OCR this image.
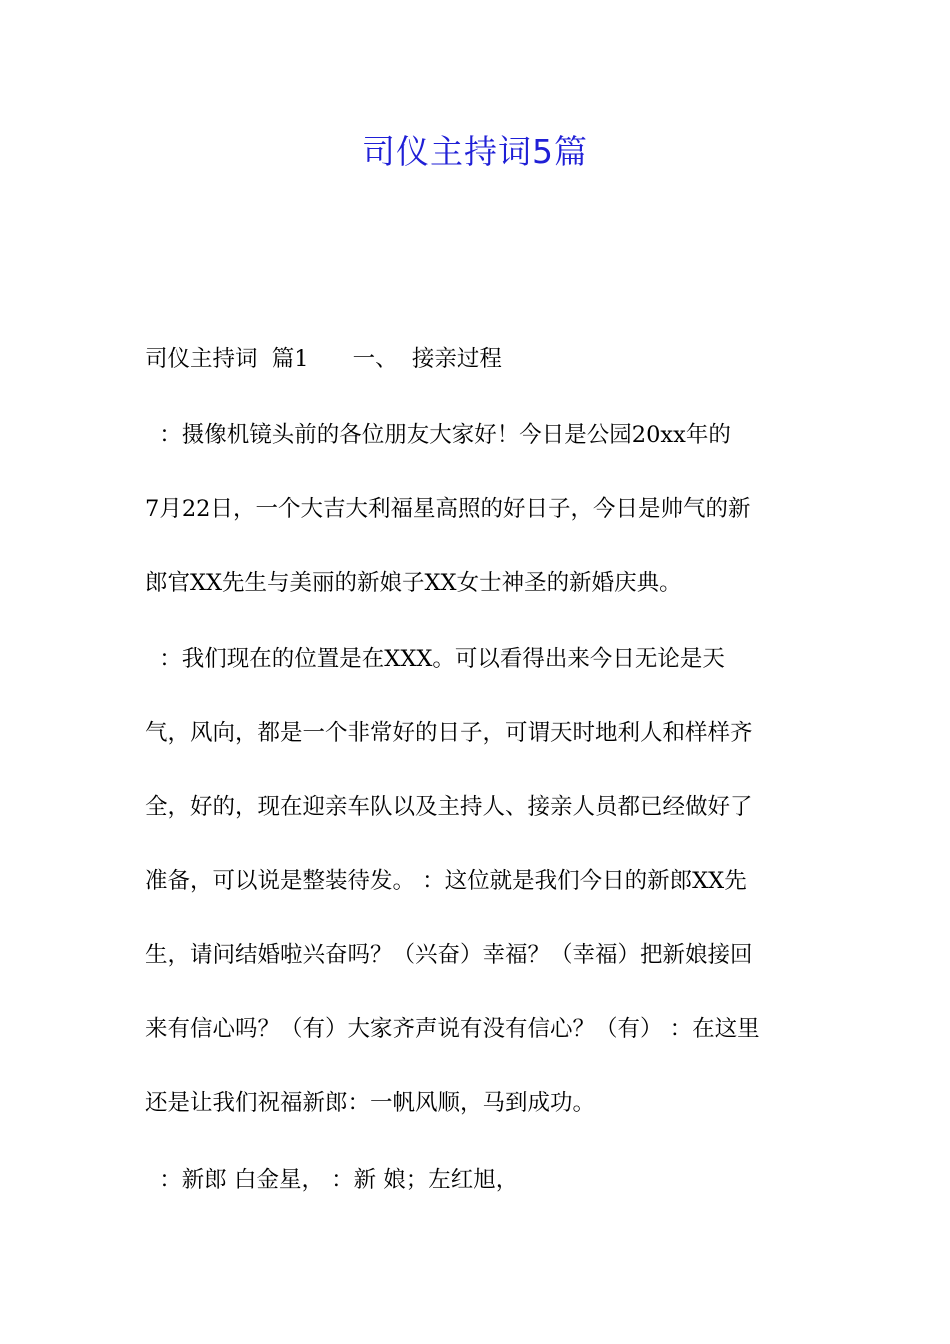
司仪主持词5篇
司仪主持词  篇1 一、  接亲过程
：摄像机镜头前的各位朋友大家好！今日是公园20xx年的
7月22日，一个大吉大利福星高照的好日子，今日是帅气的新
郎官XX先生与美丽的新娘子XX女士神圣的新婚庆典。
：我们现在的位置是在XXX。可以看得出来今日无论是天
气，风向，都是一个非常好的日子，可谓天时地利人和样样齐
全，好的，现在迎亲车队以及主持人、接亲人员都已经做好了
准备，可以说是整装待发。 ：这位就是我们今日的新郎XX先
生，请问结婚啦兴奋吗？（兴奋）幸福？（幸福）把新娘接回
来有信心吗？（有）大家齐声说有没有信心？（有） ：在这里
还是让我们祝福新郎：一帆风顺，马到成功。
：新郎 白金星， ：新 娘；左红旭，
